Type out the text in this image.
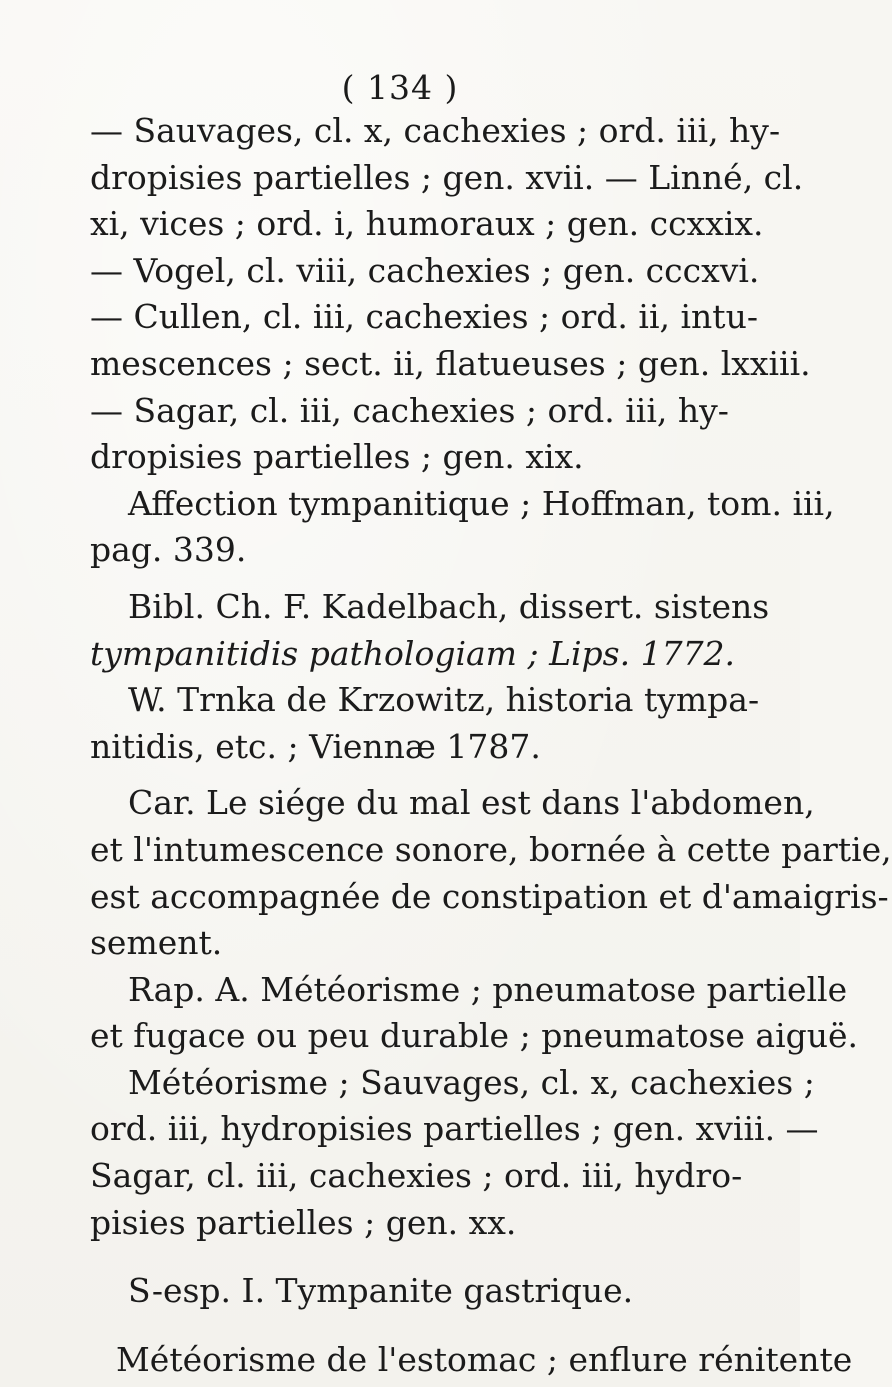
( 134 )
— Sauvages, cl. x, cachexies ; ord. iii, hy-
dropisies partielles ; gen. xvii. — Linné, cl.
xi, vices ; ord. i, humoraux ; gen. ccxxix.
— Vogel, cl. viii, cachexies ; gen. cccxvi.
— Cullen, cl. iii, cachexies ; ord. ii, intu-
mescences ; sect. ii, flatueuses ; gen. lxxiii.
— Sagar, cl. iii, cachexies ; ord. iii, hy-
dropisies partielles ; gen. xix.
Affection tympanitique ; Hoffman, tom. iii,
pag. 339.
Bibl. Ch. F. Kadelbach, dissert. sistens
tympanitidis pathologiam ; Lips. 1772.
W. Trnka de Krzowitz, historia tympa-
nitidis, etc. ; Viennæ 1787.
Car. Le siége du mal est dans l'abdomen,
et l'intumescence sonore, bornée à cette partie,
est accompagnée de constipation et d'amaigris-
sement.
Rap. A. Météorisme ; pneumatose partielle
et fugace ou peu durable ; pneumatose aiguë.
Météorisme ; Sauvages, cl. x, cachexies ;
ord. iii, hydropisies partielles ; gen. xviii. —
Sagar, cl. iii, cachexies ; ord. iii, hydro-
pisies partielles ; gen. xx.
S-esp. I. Tympanite gastrique.
Météorisme de l'estomac ; enflure rénitente
